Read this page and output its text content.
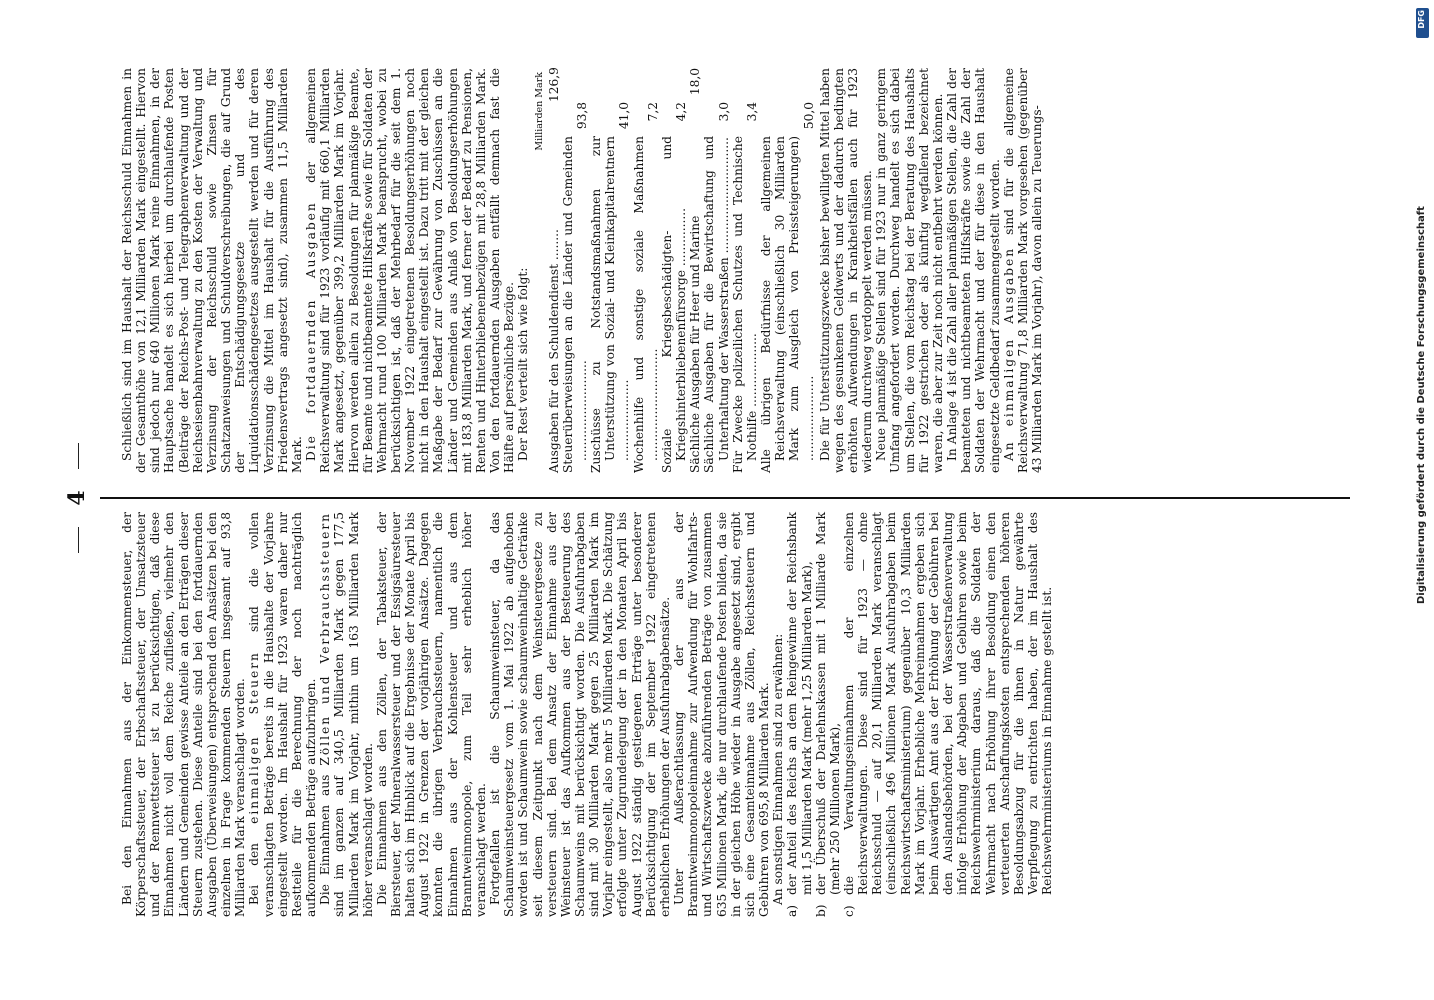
4

Bei den Einnahmen aus der Einkommensteuer, der Körperschaftssteuer, der Erbschaftssteuer, der Umsatzsteuer und der Rennwettsteuer ist zu berücksichtigen, daß diese Einnahmen nicht voll dem Reiche zufließen, vielmehr den Ländern und Gemeinden gewisse Anteile an den Erträgen dieser Steuern zustehen. Diese Anteile sind bei den fortdauernden Ausgaben (Überweisungen) entsprechend den Ansätzen bei den einzelnen in Frage kommenden Steuern insgesamt auf 93,8 Milliarden Mark veranschlagt worden. Bei den einmaligen Steuern sind die vollen veranschlagten Beträge bereits in die Haushalte der Vorjahre eingestellt worden. Im Haushalt für 1923 waren daher nur Restteile für die Berechnung der noch nachträglich aufkommenden Beträge aufzubringen. Die Einnahmen aus Zöllen und Verbrauchssteuern sind im ganzen auf 340,5 Milliarden Mark gegen 177,5 Milliarden Mark im Vorjahr, mithin um 163 Milliarden Mark höher veranschlagt worden. Die Einnahmen aus den Zöllen, der Tabaksteuer, der Biersteuer, der Mineralwassersteuer und der Essigsäuresteuer halten sich im Hinblick auf die Ergebnisse der Monate April bis August 1922 in Grenzen der vorjährigen Ansätze. Dagegen konnten die übrigen Verbrauchssteuern, namentlich die Einnahmen aus der Kohlensteuer und aus dem Branntweinmonopole, zum Teil sehr erheblich höher veranschlagt werden. Fortgefallen ist die Schaumweinsteuer, da das Schaumweinsteuergesetz vom 1. Mai 1922 ab aufgehoben worden ist und Schaumwein sowie schaumweinhaltige Getränke seit diesem Zeitpunkt nach dem Weinsteuergesetze zu versteuern sind. Bei dem Ansatz der Einnahme aus der Weinsteuer ist das Aufkommen aus der Besteuerung des Schaumweins mit berücksichtigt worden. Die Ausfuhrabgaben sind mit 30 Milliarden Mark gegen 25 Milliarden Mark im Vorjahr eingestellt, also mehr 5 Milliarden Mark. Die Schätzung erfolgte unter Zugrundelegung der in den Monaten April bis August 1922 ständig gestiegenen Erträge unter besonderer Berücksichtigung der im September 1922 eingetretenen erheblichen Erhöhungen der Ausfuhrabgabensätze. Unter Außerachtlassung der aus der Branntweinmonopoleinnahme zur Aufwendung für Wohlfahrts- und Wirtschaftszwecke abzuführenden Beträge von zusammen 635 Millionen Mark, die nur durchlaufende Posten bilden, da sie in der gleichen Höhe wieder in Ausgabe angesetzt sind, ergibt sich eine Gesamteinnahme aus Zöllen, Reichssteuern und Gebühren von 695,8 Milliarden Mark. An sonstigen Einnahmen sind zu erwähnen:

a)
der Anteil des Reichs an dem Reingewinne der Reichsbank mit 1,5 Milliarden Mark (mehr 1,25 Milliarden Mark),
b)
der Überschuß der Darlehnskassen mit 1 Milliarde Mark (mehr 250 Millionen Mark),
c)
die Verwaltungseinnahmen der einzelnen Reichsverwaltungen. Diese sind für 1923 — ohne Reichsschuld — auf 20,1 Milliarden Mark veranschlagt (einschließlich 496 Millionen Mark Ausfuhrabgaben beim Reichswirtschaftsministerium) gegenüber 10,3 Milliarden Mark im Vorjahr. Erhebliche Mehreinnahmen ergeben sich beim Auswärtigen Amt aus der Erhöhung der Gebühren bei den Auslandsbehörden, bei der Wasserstraßenverwaltung infolge Erhöhung der Abgaben und Gebühren sowie beim Reichswehrministerium daraus, daß die Soldaten der Wehrmacht nach Erhöhung ihrer Besoldung einen den verteuerten Anschaffungskosten entsprechenden höheren Besoldungsabzug für die ihnen in Natur gewährte Verpflegung zu entrichten haben, der im Haushalt des Reichswehrministeriums in Einnahme gestellt ist.

Schließlich sind im Haushalt der Reichsschuld Einnahmen in der Gesamthöhe von 12,1 Milliarden Mark eingestellt. Hiervon sind jedoch nur 640 Millionen Mark reine Einnahmen, in der Hauptsache handelt es sich hierbei um durchlaufende Posten (Beiträge der Reichs-Post- und Telegraphenverwaltung und der Reichseisenbahnverwaltung zu den Kosten der Verwaltung und Verzinsung der Reichsschuld sowie Zinsen für Schatzanweisungen und Schuldverschreibungen, die auf Grund der Entschädigungsgesetze und des Liquidationsschädengesetzes ausgestellt werden und für deren Verzinsung die Mittel im Haushalt für die Ausführung des Friedensvertrags angesetzt sind), zusammen 11,5 Milliarden Mark. Die fortdauernden Ausgaben der allgemeinen Reichsverwaltung sind für 1923 vorläufig mit 660,1 Milliarden Mark angesetzt, gegenüber 399,2 Milliarden Mark im Vorjahr. Hiervon werden allein zu Besoldungen für planmäßige Beamte, für Beamte und nichtbeamtete Hilfskräfte sowie für Soldaten der Wehrmacht rund 100 Milliarden Mark beansprucht, wobei zu berücksichtigen ist, daß der Mehrbedarf für die seit dem 1. November 1922 eingetretenen Besoldungserhöhungen noch nicht in den Haushalt eingestellt ist. Dazu tritt mit der gleichen Maßgabe der Bedarf zur Gewährung von Zuschüssen an die Länder und Gemeinden aus Anlaß von Besoldungserhöhungen mit 183,8 Milliarden Mark, und ferner der Bedarf zu Pensionen, Renten und Hinterbliebenenbezügen mit 28,8 Milliarden Mark. Von den fortdauernden Ausgaben entfällt demnach fast die Hälfte auf persönliche Bezüge. Der Rest verteilt sich wie folgt:

Milliarden Mark
Ausgaben für den Schuldendienst ........
126,9
Steuerüberweisungen an die Länder und Gemeinden ..........................
93,8
Zuschüsse zu Notstandsmaßnahmen zur Unterstützung von Sozial- und Kleinkapitalrentnern .....................
41,0
Wochenhilfe und sonstige soziale Maßnahmen .............................
7,2
Soziale Kriegsbeschädigten- und Kriegshinterbliebenenfürsorge ...............
4,2
Sächliche Ausgaben für Heer und Marine
18,0
Sächliche Ausgaben für die Bewirtschaftung und Unterhaltung der Wasserstraßen ..............................
3,0
Für Zwecke polizeilichen Schutzes und Technische Nothilfe ...................
3,4
Alle übrigen Bedürfnisse der allgemeinen Reichsverwaltung (einschließlich 30 Milliarden Mark zum Ausgleich von Preissteigerungen) ......................
50,0 Die für Unterstützungszwecke bisher bewilligten Mittel haben wegen des gesunkenen Geldwerts und der dadurch bedingten erhöhten Aufwendungen in Krankheitsfällen auch für 1923 wiederum durchweg verdoppelt werden müssen. Neue planmäßige Stellen sind für 1923 nur in ganz geringem Umfang angefordert worden. Durchweg handelt es sich dabei um Stellen, die vom Reichstag bei der Beratung des Haushalts für 1922 gestrichen oder als künftig wegfallend bezeichnet waren, die aber zur Zeit noch nicht entbehrt werden können. In Anlage 4 ist die Zahl aller planmäßigen Stellen, die Zahl der beamteten und nichtbeamteten Hilfskräfte sowie die Zahl der Soldaten der Wehrmacht und der für diese in den Haushalt eingesetzte Geldbedarf zusammengestellt worden. An einmaligen Ausgaben sind für die allgemeine Reichsverwaltung 71,8 Milliarden Mark vorgesehen (gegenüber 43 Milliarden Mark im Vorjahr), davon allein zu Teuerungs-

DFG
Digitalisierung gefördert durch die Deutsche Forschungsgemeinschaft
